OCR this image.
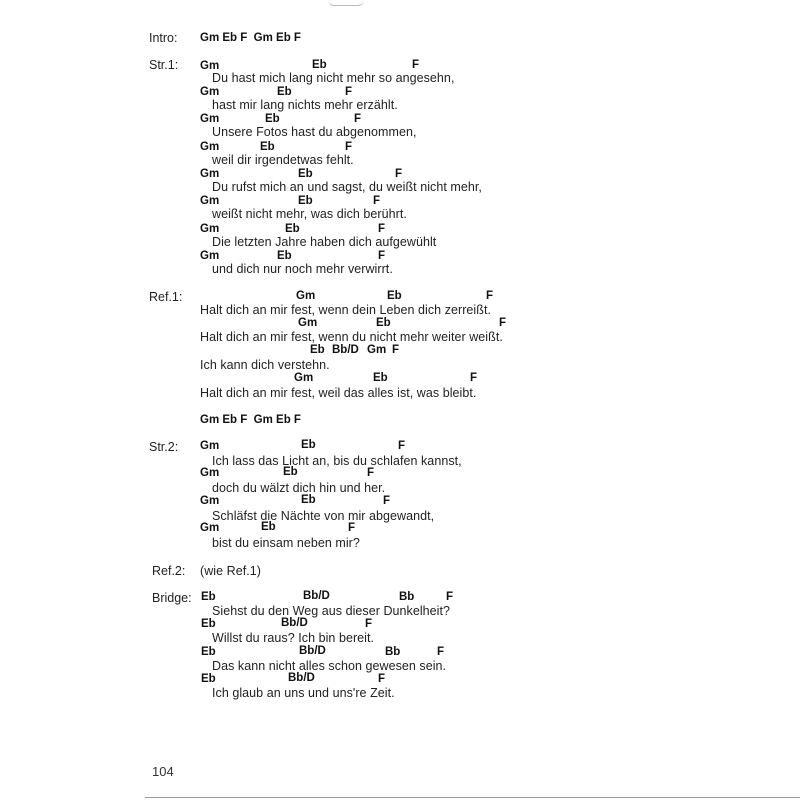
Intro: Gm Eb F  Gm Eb F
Str.1: Gm	Eb	F
Du hast mich lang nicht mehr so angesehn,
Gm	Eb	F
hast mir lang nichts mehr erzählt.
Gm	Eb	F
Unsere Fotos hast du abgenommen,
Gm	Eb	F
weil dir irgendetwas fehlt.
Gm	Eb	F
Du rufst mich an und sagst, du weißt nicht mehr,
Gm	Eb	F
weißt nicht mehr, was dich berührt.
Gm	Eb	F
Die letzten Jahre haben dich aufgewühlt
Gm	Eb	F
und dich nur noch mehr verwirrt.
Ref.1:	Gm	Eb	F
Halt dich an mir fest, wenn dein Leben dich zerreißt.
Gm	Eb	F
Halt dich an mir fest, wenn du nicht mehr weiter weißt.
Eb Bb/D Gm F
Ich kann dich verstehn.
Gm	Eb	F
Halt dich an mir fest, weil das alles ist, was bleibt.
Gm Eb F  Gm Eb F
Str.2: Gm	Eb	F
Ich lass das Licht an, bis du schlafen kannst,
Gm	Eb	F
doch du wälzt dich hin und her.
Gm	Eb	F
Schläfst die Nächte von mir abgewandt,
Gm	Eb	F
bist du einsam neben mir?
Ref.2: (wie Ref.1)
Bridge: Eb	Bb/D	Bb	F
Siehst du den Weg aus dieser Dunkelheit?
Eb	Bb/D	F
Willst du raus? Ich bin bereit.
Eb	Bb/D	Bb	F
Das kann nicht alles schon gewesen sein.
Eb	Bb/D	F
Ich glaub an uns und uns're Zeit.
104
